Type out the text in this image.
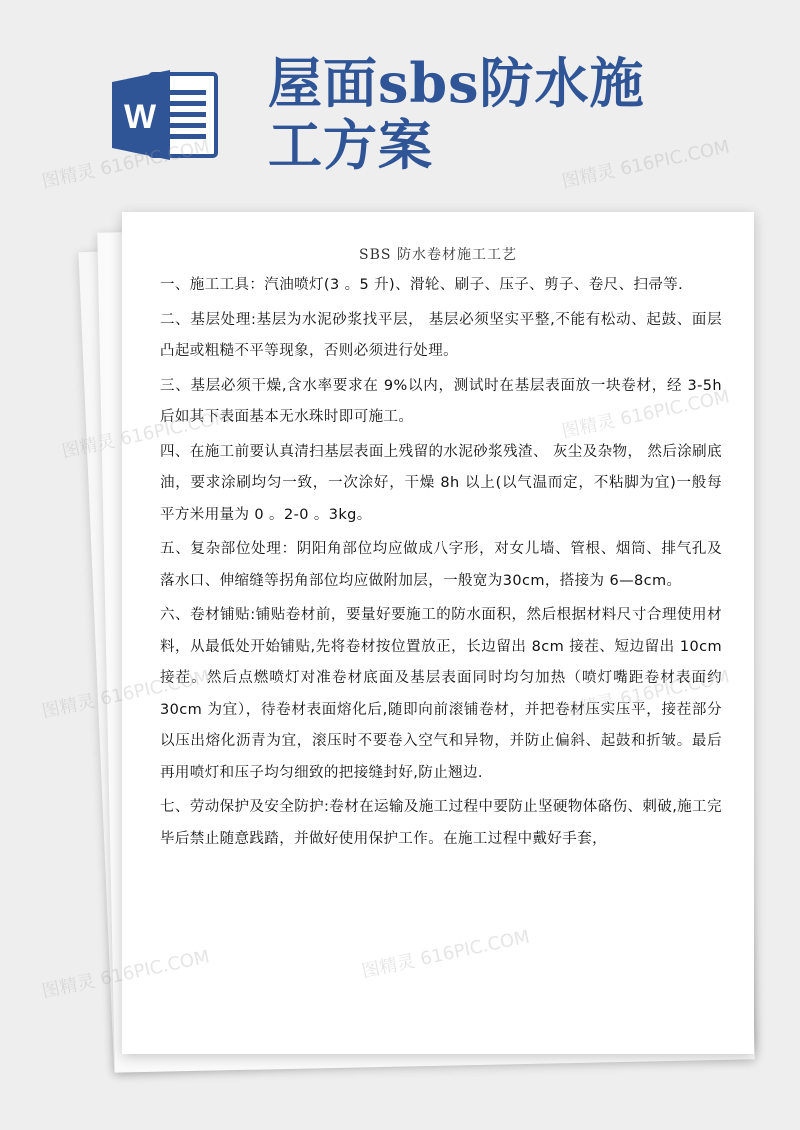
W
屋面sbs防水施工方案

SBS 防水卷材施工工艺

一、施工工具：汽油喷灯(3 。5 升)、滑轮、刷子、压子、剪子、卷尺、扫帚等.

二、基层处理:基层为水泥砂浆找平层， 基层必须坚实平整,不能有松动、起鼓、面层凸起或粗糙不平等现象，否则必须进行处理。

三、基层必须干燥,含水率要求在 9%以内，测试时在基层表面放一块卷材，经 3-5h 后如其下表面基本无水珠时即可施工。

四、在施工前要认真清扫基层表面上残留的水泥砂浆残渣、 灰尘及杂物， 然后涂刷底油，要求涂刷均匀一致，一次涂好，干燥 8h 以上(以气温而定，不粘脚为宜)一般每平方米用量为 0 。2-0 。3kg。

五、复杂部位处理：阴阳角部位均应做成八字形，对女儿墙、管根、烟筒、排气孔及落水口、伸缩缝等拐角部位均应做附加层，一般宽为30cm，搭接为 6—8cm。

六、卷材铺贴:铺贴卷材前，要量好要施工的防水面积，然后根据材料尺寸合理使用材料，从最低处开始铺贴,先将卷材按位置放正，长边留出 8cm 接茬、短边留出 10cm 接茬。然后点燃喷灯对准卷材底面及基层表面同时均匀加热（喷灯嘴距卷材表面约 30cm 为宜），待卷材表面熔化后,随即向前滚铺卷材，并把卷材压实压平，接茬部分以压出熔化沥青为宜，滚压时不要卷入空气和异物，并防止偏斜、起鼓和折皱。最后再用喷灯和压子均匀细致的把接缝封好,防止翘边.

七、劳动保护及安全防护:卷材在运输及施工过程中要防止坚硬物体硌伤、刺破,施工完毕后禁止随意践踏，并做好使用保护工作。在施工过程中戴好手套，

图精灵 616PIC.COM	图精灵 616PIC.COM
图精灵 616PIC.COM	图精灵 616PIC.COM
图精灵 616PIC.COM	图精灵 616PIC.COM
图精灵 616PIC.COM
图精灵 616PIC.COM
